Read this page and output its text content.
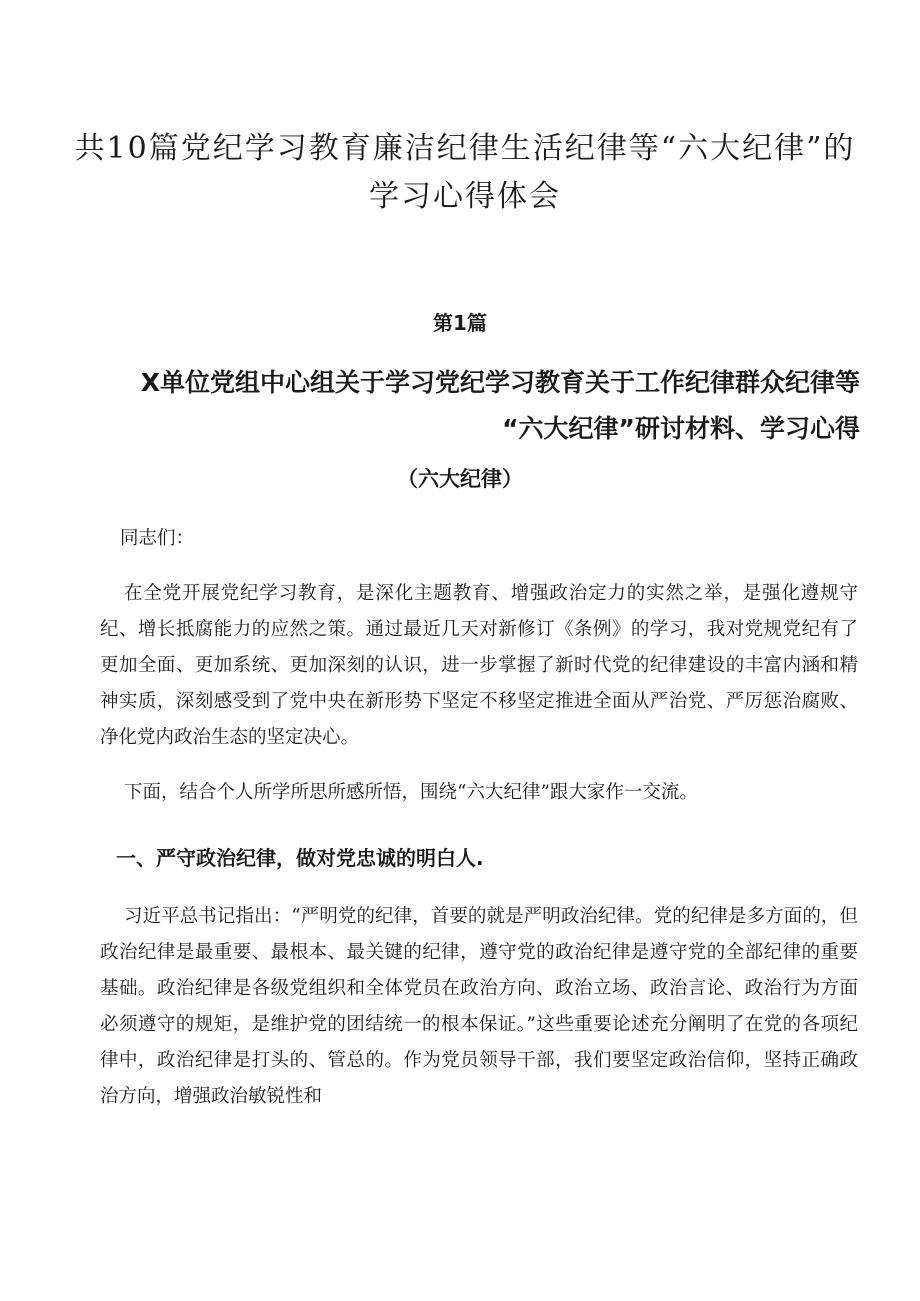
共10篇党纪学习教育廉洁纪律生活纪律等“六大纪律”的学习心得体会
第1篇
X单位党组中心组关于学习党纪学习教育关于工作纪律群众纪律等
“六大纪律”研讨材料、学习心得
（六大纪律）
同志们：

在全党开展党纪学习教育，是深化主题教育、增强政治定力的实然之举，是强化遵规守纪、增长抵腐能力的应然之策。通过最近几天对新修订《条例》的学习，我对党规党纪有了更加全面、更加系统、更加深刻的认识，进一步掌握了新时代党的纪律建设的丰富内涵和精神实质，深刻感受到了党中央在新形势下坚定不移坚定推进全面从严治党、严厉惩治腐败、净化党内政治生态的坚定决心。

下面，结合个人所学所思所感所悟，围绕“六大纪律”跟大家作一交流。

一、严守政治纪律，做对党忠诚的明白人.

习近平总书记指出：“严明党的纪律，首要的就是严明政治纪律。党的纪律是多方面的，但政治纪律是最重要、最根本、最关键的纪律，遵守党的政治纪律是遵守党的全部纪律的重要基础。政治纪律是各级党组织和全体党员在政治方向、政治立场、政治言论、政治行为方面必须遵守的规矩，是维护党的团结统一的根本保证。”这些重要论述充分阐明了在党的各项纪律中，政治纪律是打头的、管总的。作为党员领导干部，我们要坚定政治信仰，坚持正确政治方向，增强政治敏锐性和
